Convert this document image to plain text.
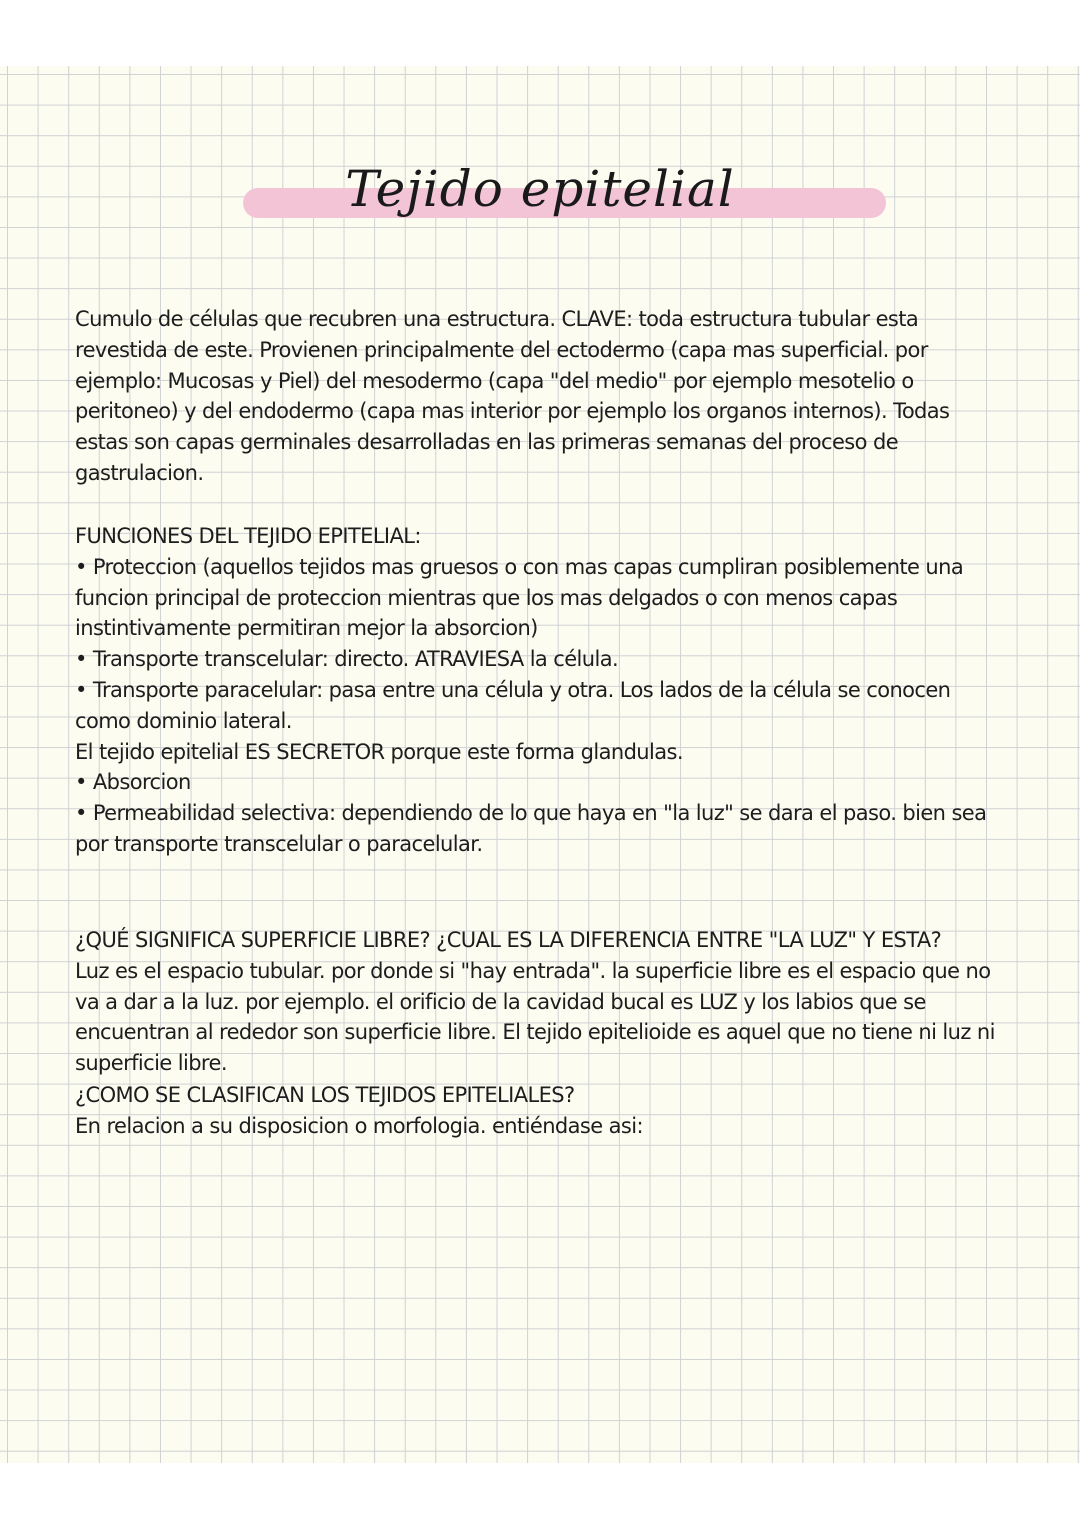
Tejido epitelial

Cumulo de células que recubren una estructura. CLAVE: toda estructura tubular esta revestida de este. Provienen principalmente del ectodermo (capa mas superficial. por ejemplo: Mucosas y Piel) del mesodermo (capa "del medio" por ejemplo mesotelio o peritoneo) y del endodermo (capa mas interior por ejemplo los organos internos). Todas estas son capas germinales desarrolladas en las primeras semanas del proceso de gastrulacion.

FUNCIONES DEL TEJIDO EPITELIAL:

• Proteccion (aquellos tejidos mas gruesos o con mas capas cumpliran posiblemente una funcion principal de proteccion mientras que los mas delgados o con menos capas instintivamente permitiran mejor la absorcion)

• Transporte transcelular: directo. ATRAVIESA la célula.

• Transporte paracelular: pasa entre una célula y otra. Los lados de la célula se conocen como dominio lateral.

El tejido epitelial ES SECRETOR porque este forma glandulas.

• Absorcion

• Permeabilidad selectiva: dependiendo de lo que haya en "la luz" se dara el paso. bien sea por transporte transcelular o paracelular.

¿QUÉ SIGNIFICA SUPERFICIE LIBRE? ¿CUAL ES LA DIFERENCIA ENTRE "LA LUZ" Y ESTA?

Luz es el espacio tubular. por donde si "hay entrada". la superficie libre es el espacio que no va a dar a la luz. por ejemplo. el orificio de la cavidad bucal es LUZ y los labios que se encuentran al rededor son superficie libre. El tejido epitelioide es aquel que no tiene ni luz ni superficie libre.

¿COMO SE CLASIFICAN LOS TEJIDOS EPITELIALES?

En relacion a su disposicion o morfologia. entiéndase asi:
